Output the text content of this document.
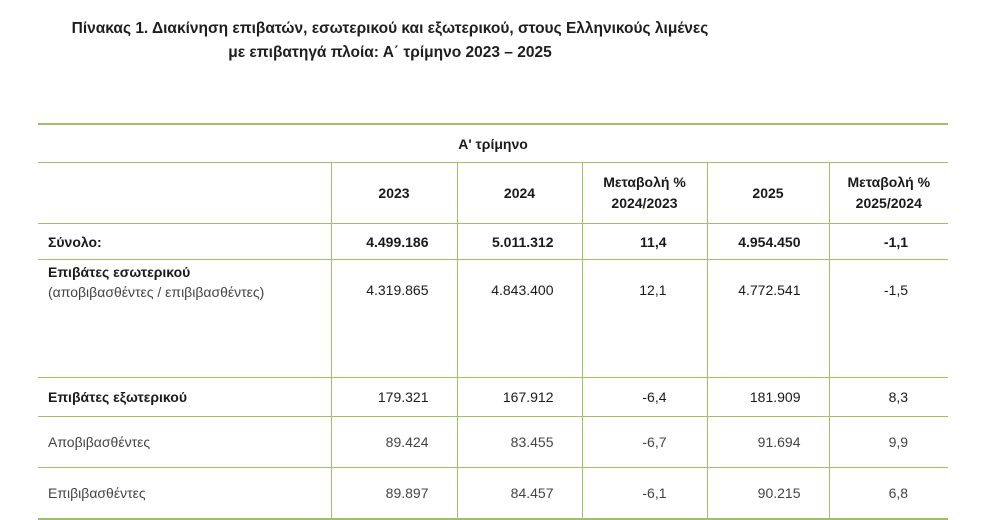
Πίνακας 1. Διακίνηση επιβατών, εσωτερικού και εξωτερικού, στους Ελληνικούς λιμένες
με επιβατηγά πλοία: Α΄ τρίμηνο 2023 – 2025
Α' τρίμηνο					
	2023	2024	Μεταβολή %
2024/2023	2025	Μεταβολή %
2025/2024
Σύνολο:	4.499.186	5.011.312	11,4	4.954.450	-1,1
Επιβάτες εσωτερικού
(αποβιβασθέντες / επιβιβασθέντες)	4.319.865	4.843.400	12,1	4.772.541	-1,5
Επιβάτες εξωτερικού	179.321	167.912	-6,4	181.909	8,3
Αποβιβασθέντες	89.424	83.455	-6,7	91.694	9,9
Επιβιβασθέντες	89.897	84.457	-6,1	90.215	6,8
